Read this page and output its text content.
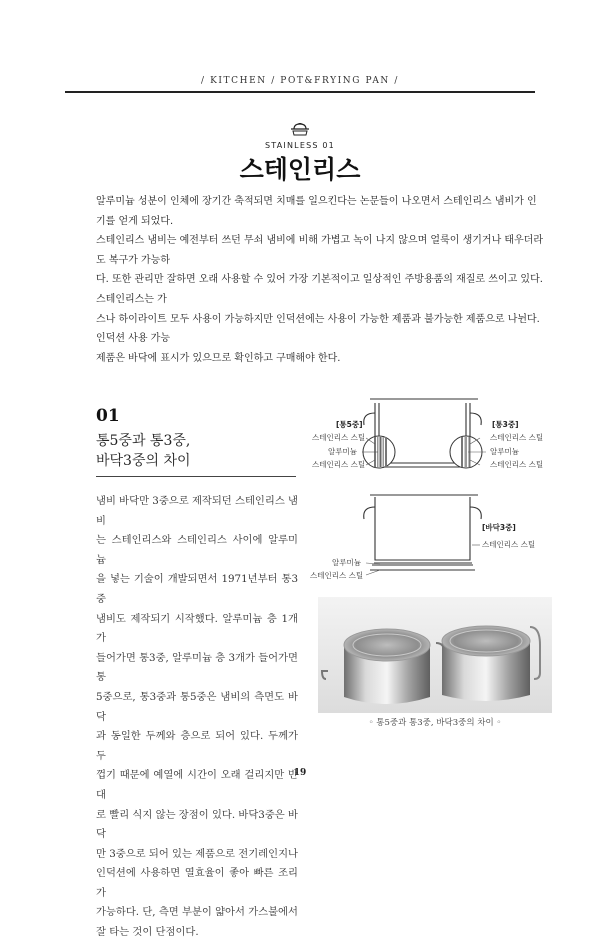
/ KITCHEN / POT&FRYING PAN /
STAINLESS 01
스테인리스

알루미늄 성분이 인체에 장기간 축적되면 치매를 일으킨다는 논문들이 나오면서 스테인리스 냄비가 인기를 얻게 되었다.
스테인리스 냄비는 예전부터 쓰던 무쇠 냄비에 비해 가볍고 녹이 나지 않으며 얼룩이 생기거나 태우더라도 복구가 가능하
다. 또한 관리만 잘하면 오래 사용할 수 있어 가장 기본적이고 일상적인 주방용품의 재질로 쓰이고 있다. 스테인리스는 가
스나 하이라이트 모두 사용이 가능하지만 인덕션에는 사용이 가능한 제품과 불가능한 제품으로 나뉜다. 인덕션 사용 가능
제품은 바닥에 표시가 있으므로 확인하고 구매해야 한다.

01

통5중과 통3중,
바닥3중의 차이

냄비 바닥만 3중으로 제작되던 스테인리스 냄비
는 스테인리스와 스테인리스 사이에 알루미늄
을 넣는 기술이 개발되면서 1971년부터 통3중
냄비도 제작되기 시작했다. 알루미늄 층 1개가
들어가면 통3중, 알루미늄 층 3개가 들어가면 통
5중으로, 통3중과 통5중은 냄비의 측면도 바닥
과 동일한 두께와 층으로 되어 있다. 두께가 두
껍기 때문에 예열에 시간이 오래 걸리지만 반대
로 빨리 식지 않는 장점이 있다. 바닥3중은 바닥
만 3중으로 되어 있는 제품으로 전기레인지나
인덕션에 사용하면 열효율이 좋아 빠른 조리가
가능하다. 단, 측면 부분이 얇아서 가스불에서
잘 타는 것이 단점이다.

[통5중]
스테인리스 스틸
알루미늄
스테인리스 스틸
[통3중]
스테인리스 스틸
알루미늄
스테인리스 스틸
[바닥3중]
스테인리스 스틸
알루미늄
스테인리스 스틸
◦ 통5중과 통3중, 바닥3중의 차이 ◦
19
